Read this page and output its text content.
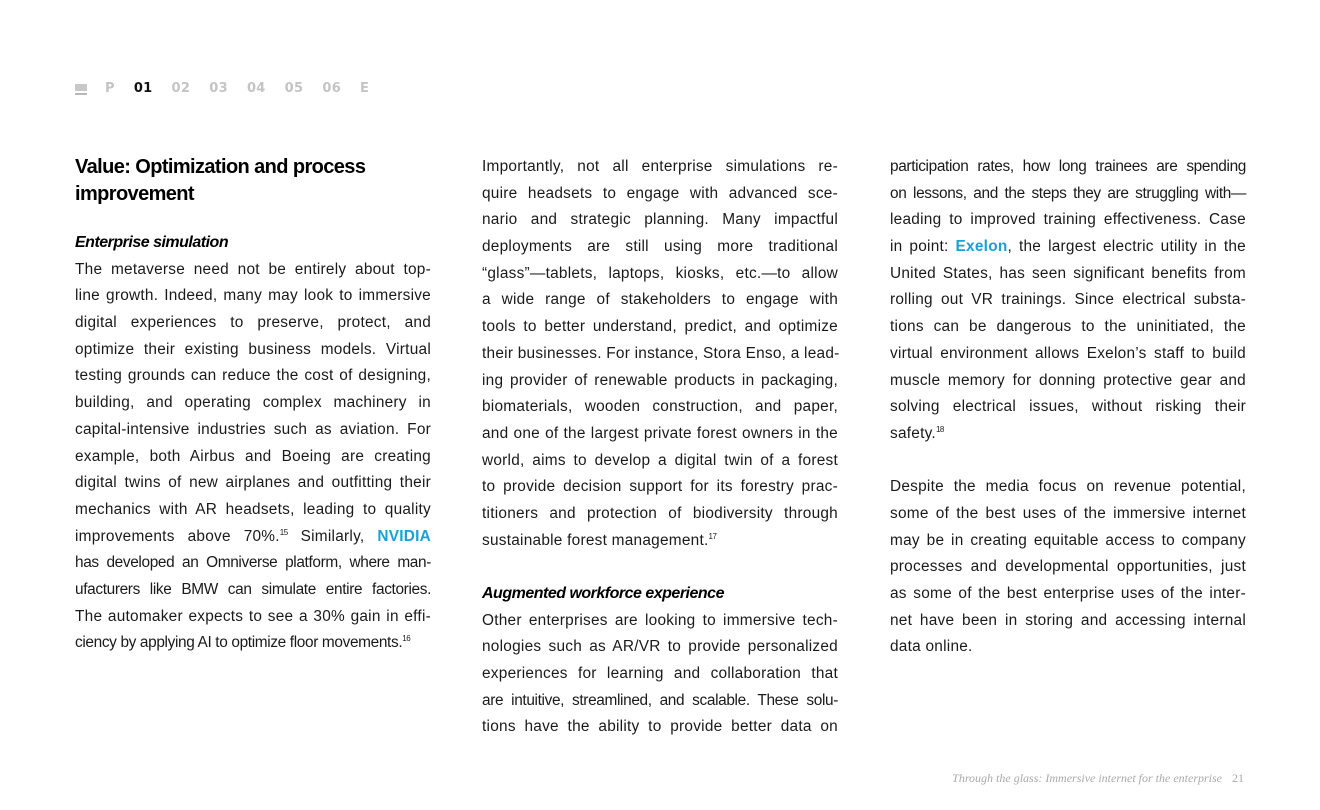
P 01 02 03 04 05 06 E
Value: Optimization and process
improvement
Enterprise simulation
The metaverse need not be entirely about top-
line growth. Indeed, many may look to immersive
digital experiences to preserve, protect, and
optimize their existing business models. Virtual
testing grounds can reduce the cost of designing,
building, and operating complex machinery in
capital-intensive industries such as aviation. For
example, both Airbus and Boeing are creating
digital twins of new airplanes and outfitting their
mechanics with AR headsets, leading to quality
improvements above 70%.$^{15}$ Similarly, NVIDIA
has developed an Omniverse platform, where man-
ufacturers like BMW can simulate entire factories.
The automaker expects to see a 30% gain in effi-
ciency by applying AI to optimize floor movements.$^{16}$
Importantly, not all enterprise simulations re-
quire headsets to engage with advanced sce-
nario and strategic planning. Many impactful
deployments are still using more traditional
“glass”—tablets, laptops, kiosks, etc.—to allow
a wide range of stakeholders to engage with
tools to better understand, predict, and optimize
their businesses. For instance, Stora Enso, a lead-
ing provider of renewable products in packaging,
biomaterials, wooden construction, and paper,
and one of the largest private forest owners in the
world, aims to develop a digital twin of a forest
to provide decision support for its forestry prac-
titioners and protection of biodiversity through
sustainable forest management.$^{17}$
Augmented workforce experience
Other enterprises are looking to immersive tech-
nologies such as AR/VR to provide personalized
experiences for learning and collaboration that
are intuitive, streamlined, and scalable. These solu-
tions have the ability to provide better data on
participation rates, how long trainees are spending
on lessons, and the steps they are struggling with—
leading to improved training effectiveness. Case
in point: Exelon, the largest electric utility in the
United States, has seen significant benefits from
rolling out VR trainings. Since electrical substa-
tions can be dangerous to the uninitiated, the
virtual environment allows Exelon’s staff to build
muscle memory for donning protective gear and
solving electrical issues, without risking their
safety.$^{18}$
Despite the media focus on revenue potential,
some of the best uses of the immersive internet
may be in creating equitable access to company
processes and developmental opportunities, just
as some of the best enterprise uses of the inter-
net have been in storing and accessing internal
data online.
Through the glass: Immersive internet for the enterprise 21
